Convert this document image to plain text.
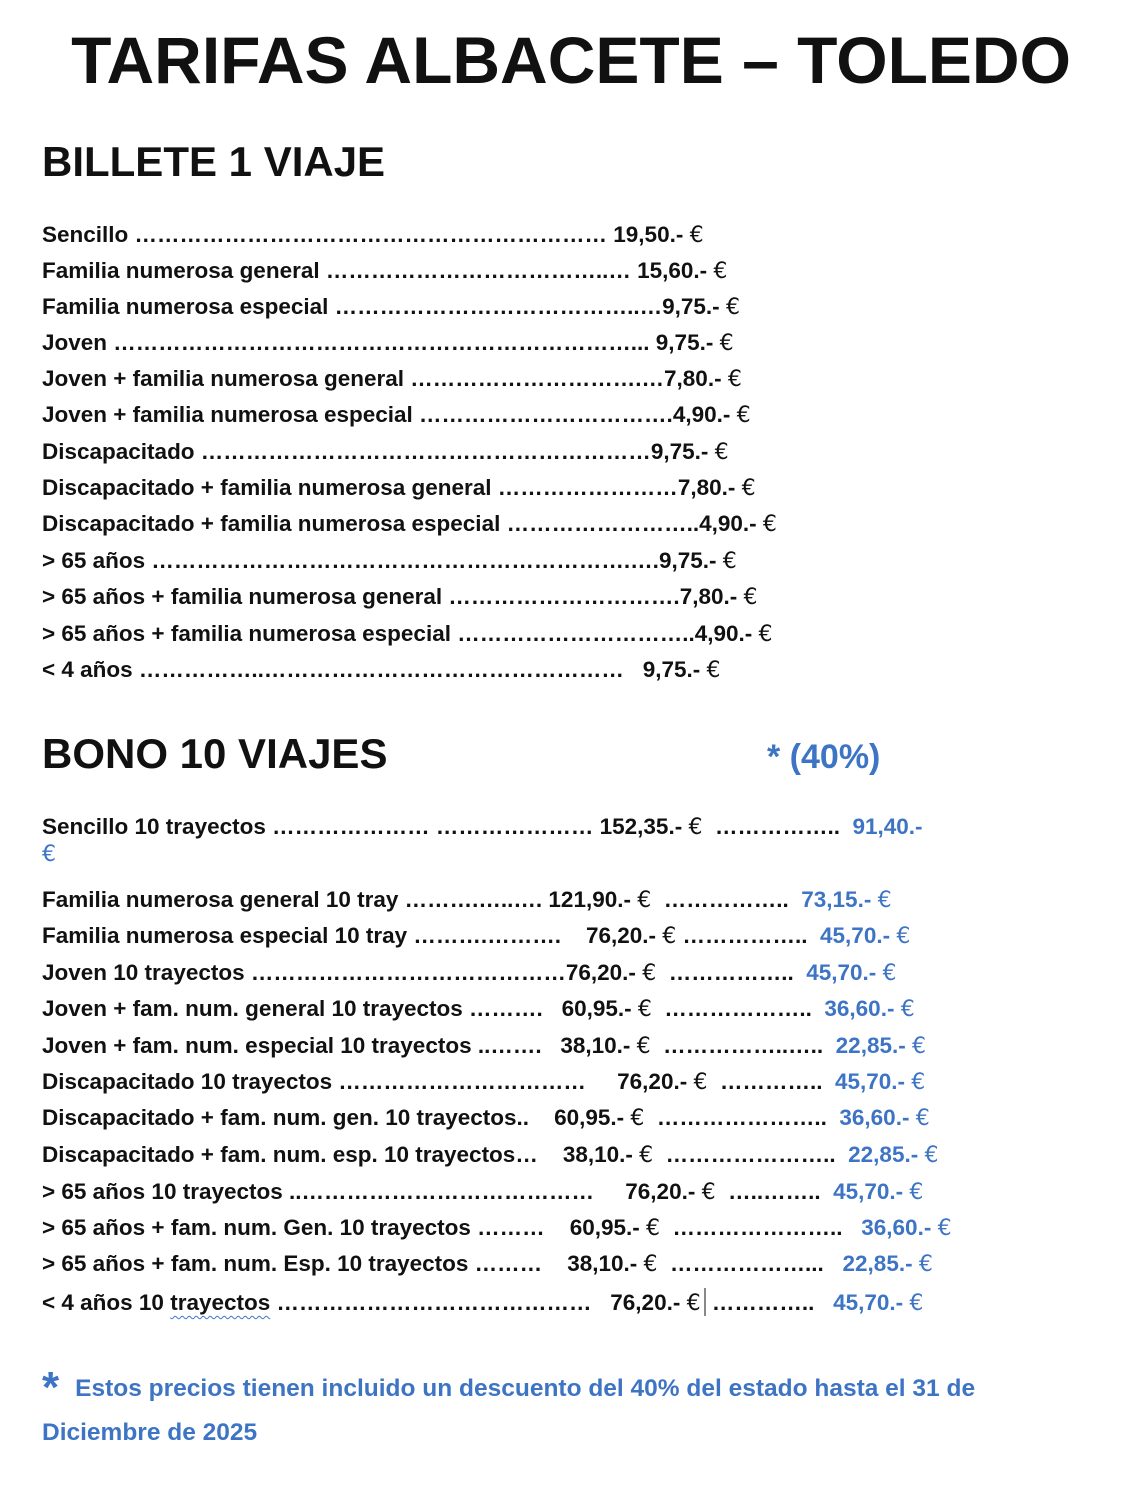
TARIFAS ALBACETE – TOLEDO
BILLETE 1 VIAJE
Sencillo ……………………………………………………… 19,50.- €
Familia numerosa general ………………………………..… 15,60.- €
Familia numerosa especial …………………………………..…9,75.- €
Joven ……………………………………………………………... 9,75.- €
Joven + familia numerosa general ………………………….…7,80.- €
Joven + familia numerosa especial …………………………….4,90.- €
Discapacitado ……………………………………………………9,75.- €
Discapacitado + familia numerosa general ……………………7,80.- €
Discapacitado + familia numerosa especial ……………………..4,90.- €
> 65 años ……………………………………………………….….9,75.- €
> 65 años + familia numerosa general ………………………….7,80.- €
> 65 años + familia numerosa especial …………………………..4,90.- €
< 4 años ……………..…………………………………………   9,75.- €
BONO 10 VIAJES	* (40%)
Sencillo 10 trayectos ………………… ………………… 152,35.- €  ……………..  91,40.-
€
Familia numerosa general 10 tray ……….…..…. 121,90.- €  ……………..  73,15.- €
Familia numerosa especial 10 tray ……….……….    76,20.- € ……………..  45,70.- €
Joven 10 trayectos ……………………………………76,20.- €  ……………..  45,70.- €
Joven + fam. num. general 10 trayectos ……….   60,95.- €  ………………..  36,60.- €
Joven + fam. num. especial 10 trayectos ..…….   38,10.- €  ……………..…..  22,85.- €
Discapacitado 10 trayectos ……………………………     76,20.- €  …………..  45,70.- €
Discapacitado + fam. num. gen. 10 trayectos..    60,95.- €  …………………..  36,60.- €
Discapacitado + fam. num. esp. 10 trayectos…    38,10.- €  …………………..  22,85.- €
> 65 años 10 trayectos ..…………………………………     76,20.- €  …..……..  45,70.- €
> 65 años + fam. num. Gen. 10 trayectos ………    60,95.- €  …………………..   36,60.- €
> 65 años + fam. num. Esp. 10 trayectos ………    38,10.- €  ………………...   22,85.- €
< 4 años 10 trayectos ……………………………………   76,20.- € …………..   45,70.- €
* Estos precios tienen incluido un descuento del 40% del estado hasta el 31 de Diciembre de 2025
